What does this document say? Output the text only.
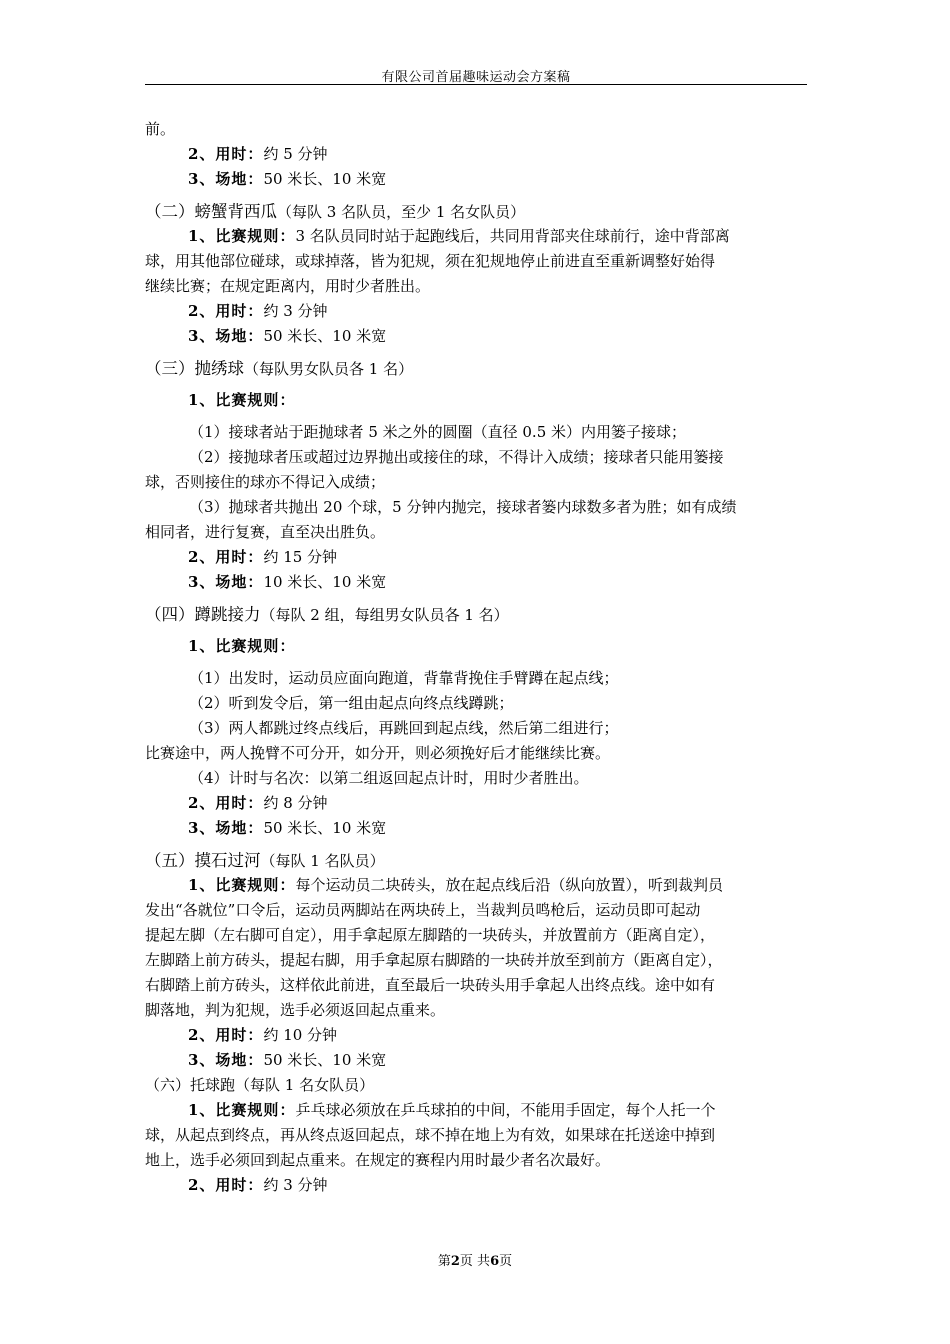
有限公司首届趣味运动会方案稿
前。
2、用时：约 5 分钟
3、场地：50 米长、10 米宽
（二）螃蟹背西瓜（每队 3 名队员，至少 1 名女队员）
1、比赛规则：3 名队员同时站于起跑线后，共同用背部夹住球前行，途中背部离
球，用其他部位碰球，或球掉落，皆为犯规，须在犯规地停止前进直至重新调整好始得
继续比赛；在规定距离内，用时少者胜出。
2、用时：约 3 分钟
3、场地：50 米长、10 米宽
（三）抛绣球（每队男女队员各 1 名）
1、比赛规则：
（1）接球者站于距抛球者 5 米之外的圆圈（直径 0.5 米）内用篓子接球；
（2）接抛球者压或超过边界抛出或接住的球，不得计入成绩；接球者只能用篓接
球，否则接住的球亦不得记入成绩；
（3）抛球者共抛出 20 个球，5 分钟内抛完，接球者篓内球数多者为胜；如有成绩
相同者，进行复赛，直至决出胜负。
2、用时：约 15 分钟
3、场地：10 米长、10 米宽
（四）蹲跳接力（每队 2 组，每组男女队员各 1 名）
1、比赛规则：
（1）出发时，运动员应面向跑道，背靠背挽住手臂蹲在起点线；
（2）听到发令后，第一组由起点向终点线蹲跳；
（3）两人都跳过终点线后，再跳回到起点线，然后第二组进行；
比赛途中，两人挽臂不可分开，如分开，则必须挽好后才能继续比赛。
（4）计时与名次：以第二组返回起点计时，用时少者胜出。
2、用时：约 8 分钟
3、场地：50 米长、10 米宽
（五）摸石过河（每队 1 名队员）
1、比赛规则：每个运动员二块砖头，放在起点线后沿（纵向放置），听到裁判员
发出“各就位”口令后，运动员两脚站在两块砖上，当裁判员鸣枪后，运动员即可起动
提起左脚（左右脚可自定），用手拿起原左脚踏的一块砖头，并放置前方（距离自定），
左脚踏上前方砖头，提起右脚，用手拿起原右脚踏的一块砖并放至到前方（距离自定），
右脚踏上前方砖头，这样依此前进，直至最后一块砖头用手拿起人出终点线。途中如有
脚落地，判为犯规，选手必须返回起点重来。
2、用时：约 10 分钟
3、场地：50 米长、10 米宽
（六）托球跑（每队 1 名女队员）
1、比赛规则：乒乓球必须放在乒乓球拍的中间，不能用手固定，每个人托一个
球，从起点到终点，再从终点返回起点，球不掉在地上为有效，如果球在托送途中掉到
地上，选手必须回到起点重来。在规定的赛程内用时最少者名次最好。
2、用时：约 3 分钟
第2页 共6页
